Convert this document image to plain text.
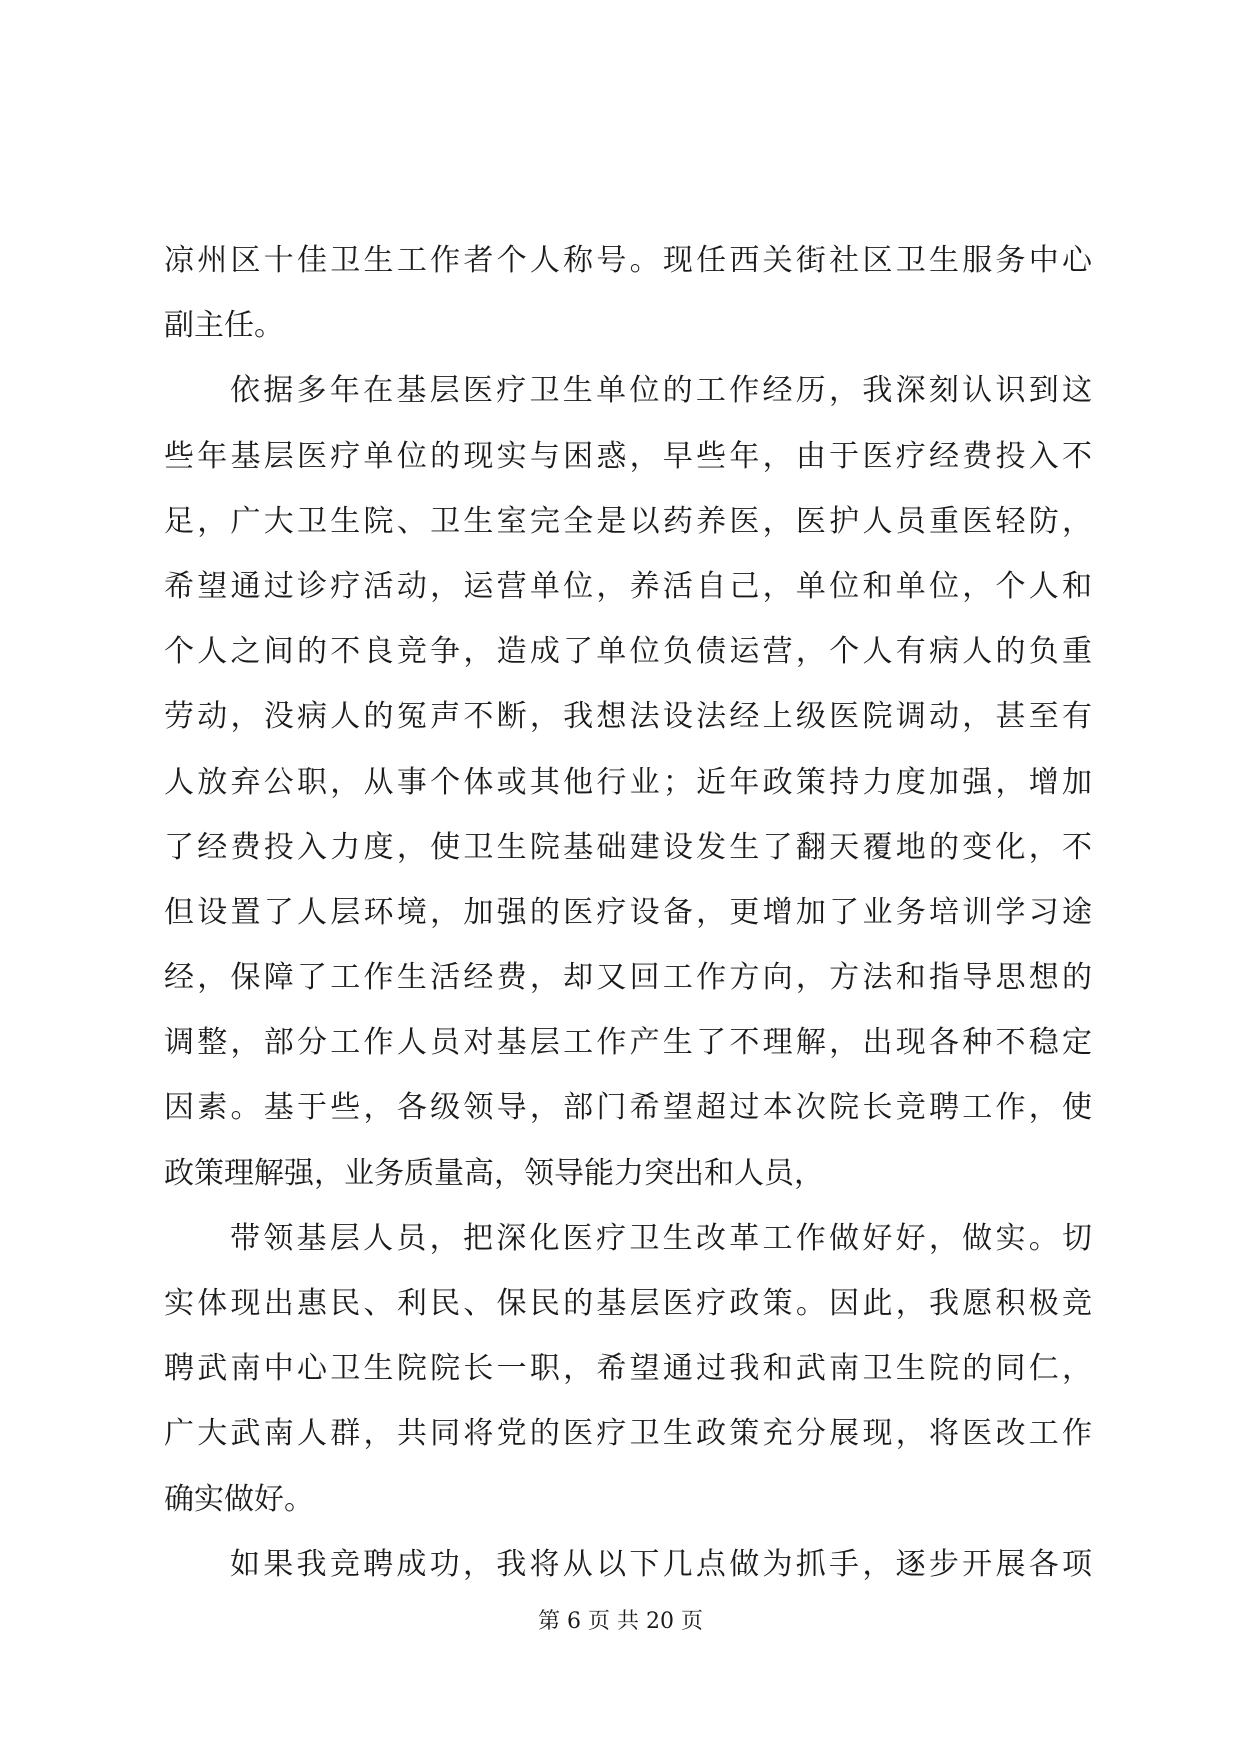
凉州区十佳卫生工作者个人称号。现任西关街社区卫生服务中心
副主任。
依据多年在基层医疗卫生单位的工作经历，我深刻认识到这
些年基层医疗单位的现实与困惑，早些年，由于医疗经费投入不
足，广大卫生院、卫生室完全是以药养医，医护人员重医轻防，
希望通过诊疗活动，运营单位，养活自己，单位和单位，个人和
个人之间的不良竞争，造成了单位负债运营，个人有病人的负重
劳动，没病人的冤声不断，我想法设法经上级医院调动，甚至有
人放弃公职，从事个体或其他行业；近年政策持力度加强，增加
了经费投入力度，使卫生院基础建设发生了翻天覆地的变化，不
但设置了人层环境，加强的医疗设备，更增加了业务培训学习途
经，保障了工作生活经费，却又回工作方向，方法和指导思想的
调整，部分工作人员对基层工作产生了不理解，出现各种不稳定
因素。基于些，各级领导，部门希望超过本次院长竞聘工作，使
政策理解强，业务质量高，领导能力突出和人员，
带领基层人员，把深化医疗卫生改革工作做好好，做实。切
实体现出惠民、利民、保民的基层医疗政策。因此，我愿积极竞
聘武南中心卫生院院长一职，希望通过我和武南卫生院的同仁，
广大武南人群，共同将党的医疗卫生政策充分展现，将医改工作
确实做好。
如果我竞聘成功，我将从以下几点做为抓手，逐步开展各项
第 6 页 共 20 页
